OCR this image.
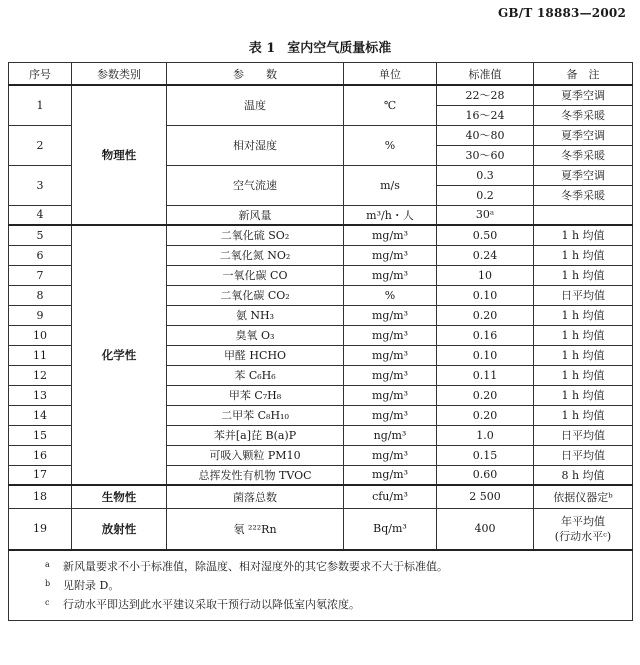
GB/T 18883—2002
表 1 室内空气质量标准
序号	参数类别	参　　数	单位	标准值	备　注
1	物理性	温度	℃	22～28	夏季空调
				16～24	冬季采暖
2		相对湿度	%	40～80	夏季空调
				30～60	冬季采暖
3		空气流速	m/s	0.3	夏季空调
				0.2	冬季采暖
4		新风量	m³/h・人	30ᵃ	
5	化学性	二氧化硫 SO₂	mg/m³	0.50	1 h 均值
6		二氧化氮 NO₂	mg/m³	0.24	1 h 均值
7		一氧化碳 CO	mg/m³	10	1 h 均值
8		二氧化碳 CO₂	%	0.10	日平均值
9		氨 NH₃	mg/m³	0.20	1 h 均值
10		臭氧 O₃	mg/m³	0.16	1 h 均值
11		甲醛 HCHO	mg/m³	0.10	1 h 均值
12		苯 C₆H₆	mg/m³	0.11	1 h 均值
13		甲苯 C₇H₈	mg/m³	0.20	1 h 均值
14		二甲苯 C₈H₁₀	mg/m³	0.20	1 h 均值
15		苯并[a]芘 B(a)P	ng/m³	1.0	日平均值
16		可吸入颗粒 PM10	mg/m³	0.15	日平均值
17		总挥发性有机物 TVOC	mg/m³	0.60	8 h 均值
18	生物性	菌落总数	cfu/m³	2 500	依据仪器定ᵇ
19	放射性	氡 ²²²Rn	Bq/m³	400	年平均值
(行动水平ᶜ)

a 新风量要求不小于标准值，除温度、相对湿度外的其它参数要求不大于标准值。
b 见附录 D。
c 行动水平即达到此水平建议采取干预行动以降低室内氡浓度。					
